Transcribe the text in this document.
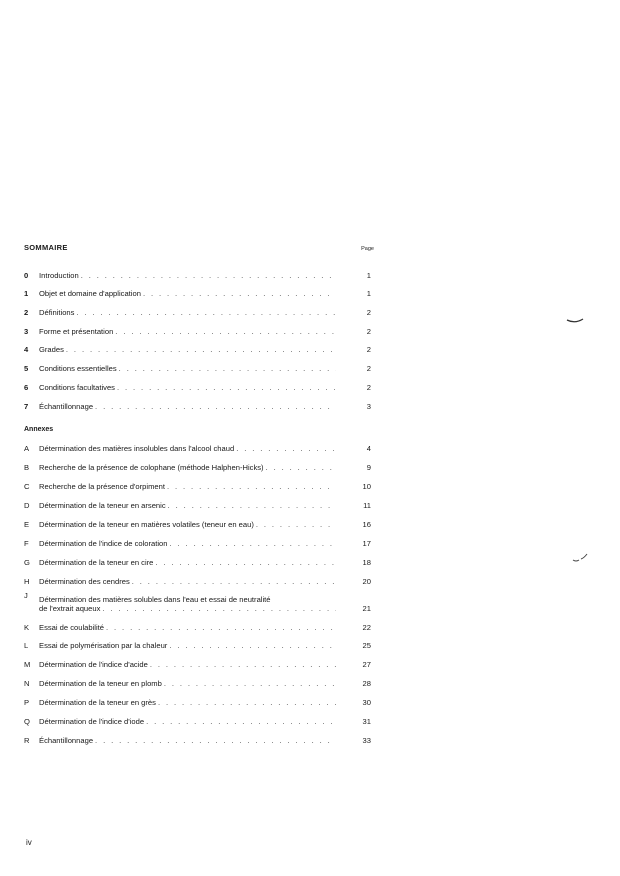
SOMMAIRE	Page
0	Introduction . . .	1
1	Objet et domaine d'application . . .	1
2	Définitions . . .	2
3	Forme et présentation . . .	2
4	Grades . . .	2
5	Conditions essentielles . . .	2
6	Conditions facultatives . . .	2
7	Échantillonnage . . .	3
Annexes
A	Détermination des matières insolubles dans l'alcool chaud . . .	4
B	Recherche de la présence de colophane (méthode Halphen-Hicks) . . .	9
C	Recherche de la présence d'orpiment . . .	10
D	Détermination de la teneur en arsenic . . .	11
E	Détermination de la teneur en matières volatiles (teneur en eau) . . .	16
F	Détermination de l'indice de coloration . . .	17
G	Détermination de la teneur en cire . . .	18
H	Détermination des cendres . . .	20
J	Détermination des matières solubles dans l'eau et essai de neutralité
de l'extrait aqueux . . .	21
K	Essai de coulabilité . . .	22
L	Essai de polymérisation par la chaleur . . .	25
M	Détermination de l'indice d'acide . . .	27
N	Détermination de la teneur en plomb . . .	28
P	Détermination de la teneur en grès . . .	30
Q	Détermination de l'indice d'iode . . .	31
R	Échantillonnage . . .	33
iv
